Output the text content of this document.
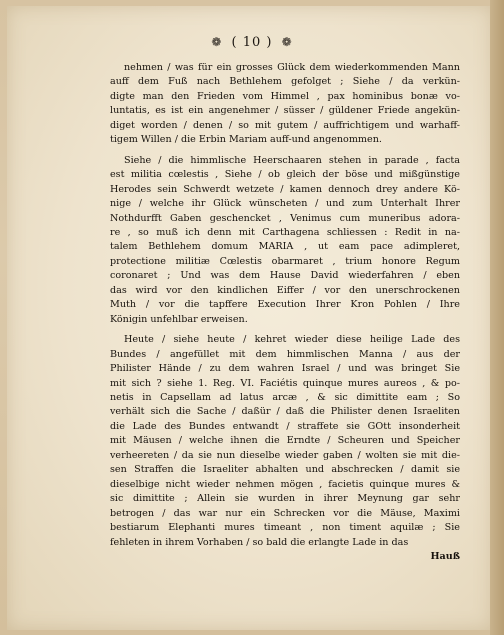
❁ ( 10 ) ❁
nehmen / was für ein grosses Glück dem wiederkommenden Mann
auff dem Fuß nach Bethlehem gefolget ; Siehe / da verkün-
digte man den Frieden vom Himmel , pax hominibus bonæ vo-
luntatis, es ist ein angenehmer / süsser / güldener Friede angekün-
diget worden / denen / so mit gutem / auffrichtigem und warhaff-
tigem Willen / die Erbin Mariam auff-und angenommen.
Siehe / die himmlische Heerschaaren stehen in parade , facta
est militia cœlestis , Siehe / ob gleich der böse und mißgünstige
Herodes sein Schwerdt wetzete / kamen dennoch drey andere Kö-
nige / welche ihr Glück wünscheten / und zum Unterhalt Ihrer
Nothdurfft Gaben geschencket , Venimus cum muneribus adora-
re , so muß ich denn mit Carthagena schliessen : Redit in na-
talem Bethlehem domum MARIA , ut eam pace adimpleret,
protectione militiæ Cœlestis obarmaret , trium honore Regum
coronaret ; Und was dem Hause David wiederfahren / eben
das wird vor den kindlichen Eiffer / vor den unerschrockenen
Muth / vor die tapffere Execution Ihrer Kron Pohlen / Ihre
Königin unfehlbar erweisen.
Heute / siehe heute / kehret wieder diese heilige Lade des
Bundes / angefüllet mit dem himmlischen Manna / aus der
Philister Hände / zu dem wahren Israel / und was bringet Sie
mit sich ? siehe 1. Reg. VI. Faciétis quinque mures aureos , & po-
netis in Capsellam ad latus arcæ , & sic dimittite eam ; So
verhält sich die Sache / daßür / daß die Philister denen Israeliten
die Lade des Bundes entwandt / straffete sie GOtt insonderheit
mit Mäusen / welche ihnen die Erndte / Scheuren und Speicher
verheereten / da sie nun dieselbe wieder gaben / wolten sie mit die-
sen Straffen die Israeliter abhalten und abschrecken / damit sie
dieselbige nicht wieder nehmen mögen , facietis quinque mures &
sic dimittite ; Allein sie wurden in ihrer Meynung gar sehr
betrogen / das war nur ein Schrecken vor die Mäuse, Maximi
bestiarum Elephanti mures timeant , non timent aquilæ ; Sie
fehleten in ihrem Vorhaben / so bald die erlangte Lade in das
Hauß
